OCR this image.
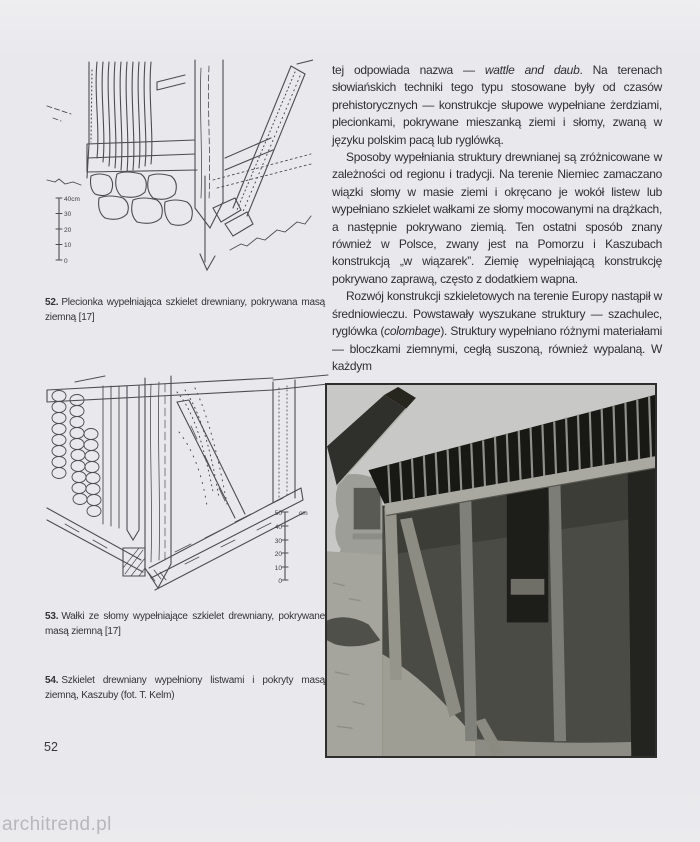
40cm
30
20
10
0
52. Plecionka wypełniająca szkielet drewniany, pokrywana masą ziemną [17]
50	cm
40
30
20
10
0
53. Wałki ze słomy wypełniające szkielet drewniany, pokrywane masą ziemną [17]
54. Szkielet drewniany wypełniony listwami i pokryty masą ziemną, Kaszuby (fot. T. Kelm)

tej odpowiada nazwa — wattle and daub. Na terenach słowiańskich techniki tego typu stosowane były od czasów prehistorycznych — konstrukcje słupowe wypełniane żerdziami, plecionkami, pokrywane mieszanką ziemi i słomy, zwaną w języku polskim pacą lub ryglówką.

Sposoby wypełniania struktury drewnianej są zróżnicowane w zależności od regionu i tradycji. Na terenie Niemiec zamaczano wiązki słomy w masie ziemi i okręcano je wokół listew lub wypełniano szkielet wałkami ze słomy mocowanymi na drążkach, a następnie pokrywano ziemią. Ten ostatni sposób znany również w Polsce, zwany jest na Pomorzu i Kaszubach konstrukcją „w wiązarek”. Ziemię wypełniającą konstrukcję pokrywano zaprawą, często z dodatkiem wapna.

Rozwój konstrukcji szkieletowych na terenie Europy nastąpił w średniowieczu. Powstawały wyszukane struktury — szachulec, ryglówka (colombage). Struktury wypełniano różnymi materiałami — bloczkami ziemnymi, cegłą suszoną, również wypalaną. W każdym

52
architrend.pl
